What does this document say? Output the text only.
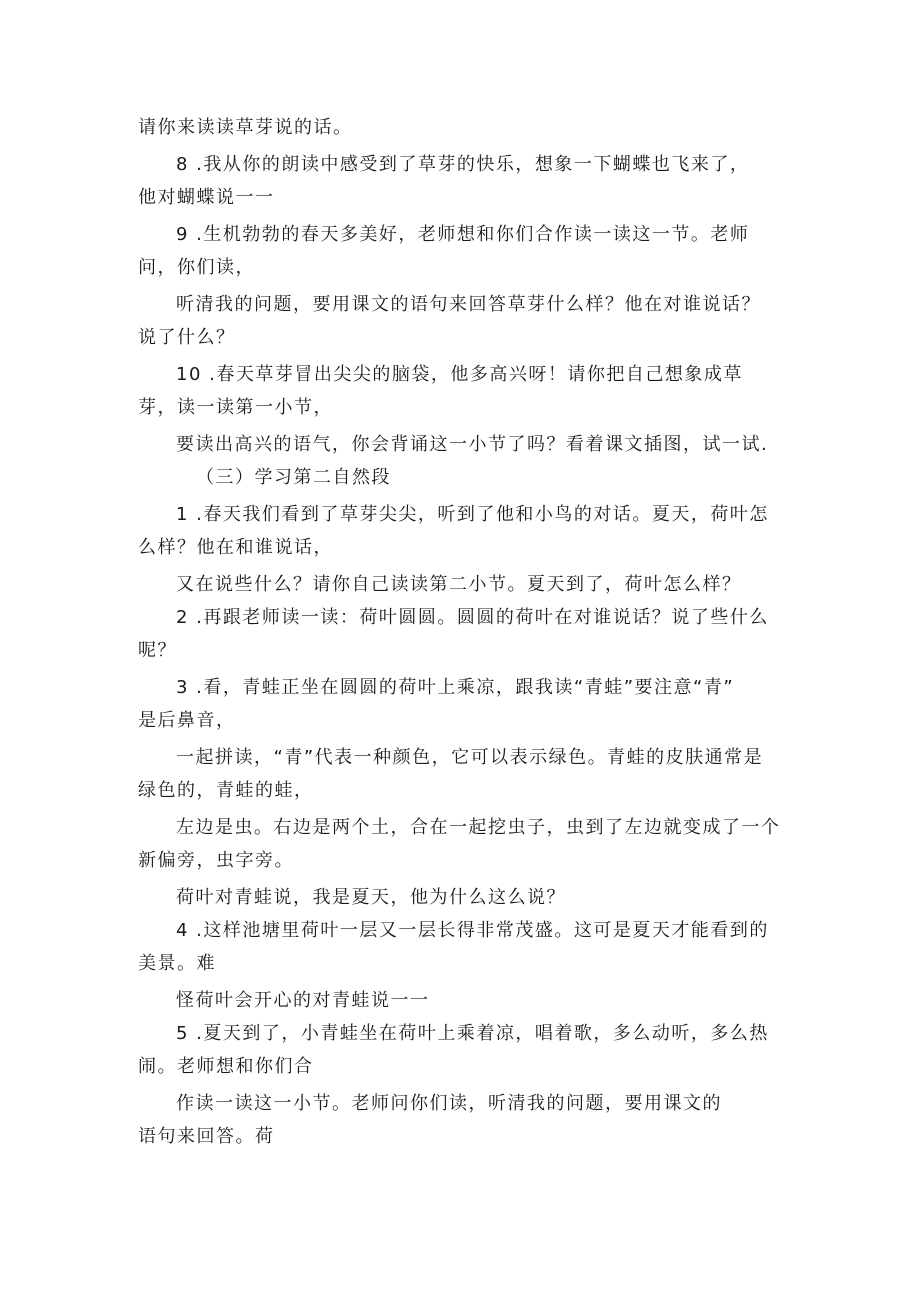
请你来读读草芽说的话。
8 .我从你的朗读中感受到了草芽的快乐，想象一下蝴蝶也飞来了，
他对蝴蝶说一一
9 .生机勃勃的春天多美好，老师想和你们合作读一读这一节。老师
问，你们读，
听清我的问题，要用课文的语句来回答草芽什么样？他在对谁说话？
说了什么？
10 .春天草芽冒出尖尖的脑袋，他多高兴呀！请你把自己想象成草
芽，读一读第一小节，
要读出高兴的语气，你会背诵这一小节了吗？看着课文插图，试一试.
（三）学习第二自然段
1 .春天我们看到了草芽尖尖，听到了他和小鸟的对话。夏天，荷叶怎
么样？他在和谁说话，
又在说些什么？请你自己读读第二小节。夏天到了，荷叶怎么样？
2 .再跟老师读一读：荷叶圆圆。圆圆的荷叶在对谁说话？说了些什么
呢？
3 .看，青蛙正坐在圆圆的荷叶上乘凉，跟我读“青蛙”要注意“青”
是后鼻音，
一起拼读，“青”代表一种颜色，它可以表示绿色。青蛙的皮肤通常是
绿色的，青蛙的蛙，
左边是虫。右边是两个土，合在一起挖虫子，虫到了左边就变成了一个
新偏旁，虫字旁。
荷叶对青蛙说，我是夏天，他为什么这么说？
4 .这样池塘里荷叶一层又一层长得非常茂盛。这可是夏天才能看到的
美景。难
怪荷叶会开心的对青蛙说一一
5 .夏天到了，小青蛙坐在荷叶上乘着凉，唱着歌，多么动听，多么热
闹。老师想和你们合
作读一读这一小节。老师问你们读，听清我的问题，要用课文的
语句来回答。荷
